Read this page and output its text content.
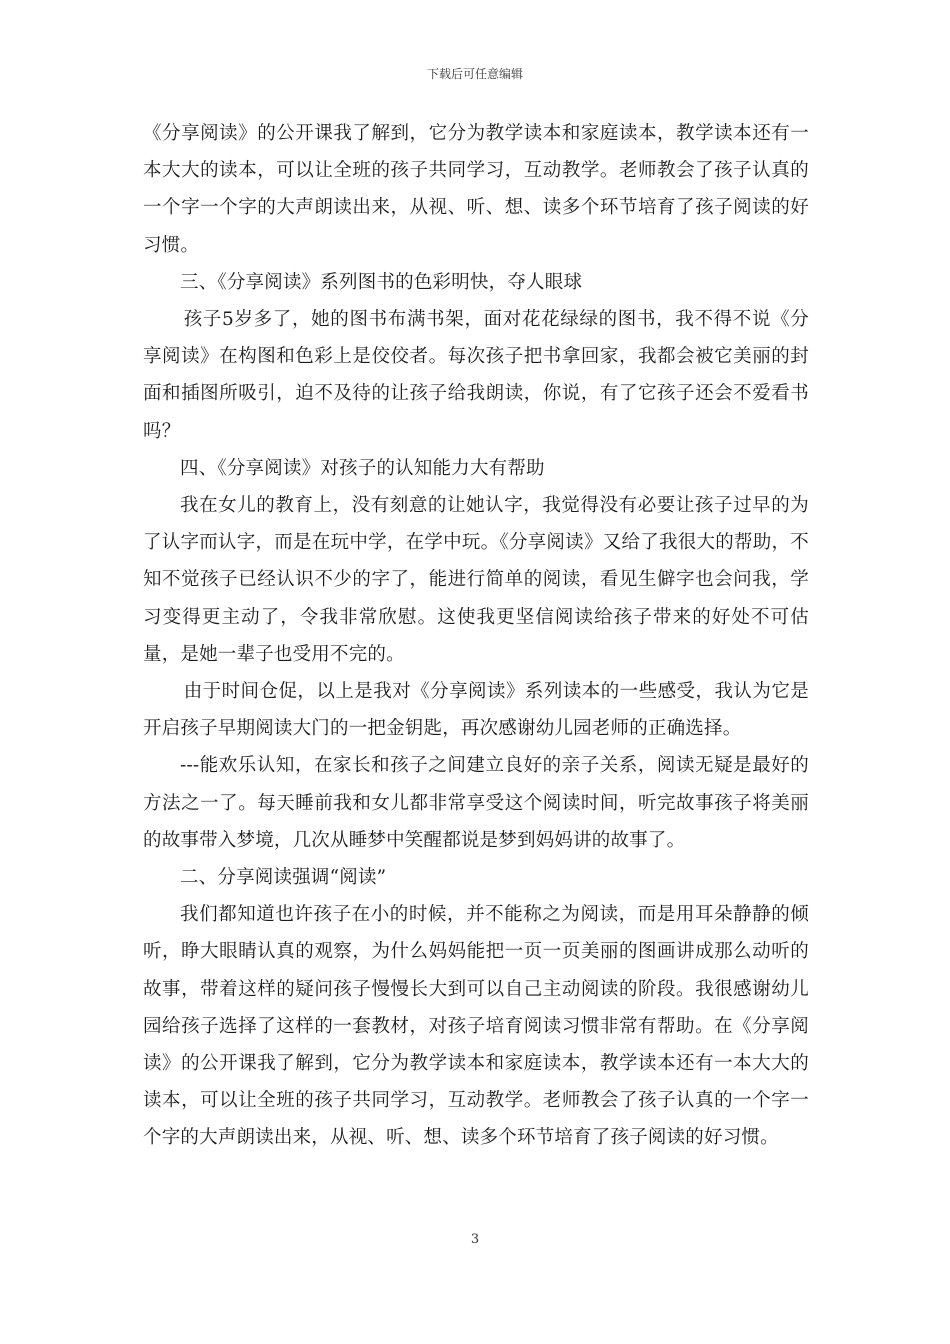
下载后可任意编辑

《分享阅读》的公开课我了解到，它分为教学读本和家庭读本，教学读本还有一本大大的读本，可以让全班的孩子共同学习，互动教学。老师教会了孩子认真的一个字一个字的大声朗读出来，从视、听、想、读多个环节培育了孩子阅读的好习惯。

三、《分享阅读》系列图书的色彩明快，夺人眼球

孩子5岁多了，她的图书布满书架，面对花花绿绿的图书，我不得不说《分享阅读》在构图和色彩上是佼佼者。每次孩子把书拿回家，我都会被它美丽的封面和插图所吸引，迫不及待的让孩子给我朗读，你说，有了它孩子还会不爱看书吗？

四、《分享阅读》对孩子的认知能力大有帮助

我在女儿的教育上，没有刻意的让她认字，我觉得没有必要让孩子过早的为了认字而认字，而是在玩中学，在学中玩。《分享阅读》又给了我很大的帮助，不知不觉孩子已经认识不少的字了，能进行简单的阅读，看见生僻字也会问我，学习变得更主动了，令我非常欣慰。这使我更坚信阅读给孩子带来的好处不可估量，是她一辈子也受用不完的。

由于时间仓促，以上是我对《分享阅读》系列读本的一些感受，我认为它是开启孩子早期阅读大门的一把金钥匙，再次感谢幼儿园老师的正确选择。

---能欢乐认知，在家长和孩子之间建立良好的亲子关系，阅读无疑是最好的方法之一了。每天睡前我和女儿都非常享受这个阅读时间，听完故事孩子将美丽的故事带入梦境，几次从睡梦中笑醒都说是梦到妈妈讲的故事了。

二、分享阅读强调“阅读”

我们都知道也许孩子在小的时候，并不能称之为阅读，而是用耳朵静静的倾听，睁大眼睛认真的观察，为什么妈妈能把一页一页美丽的图画讲成那么动听的故事，带着这样的疑问孩子慢慢长大到可以自己主动阅读的阶段。我很感谢幼儿园给孩子选择了这样的一套教材，对孩子培育阅读习惯非常有帮助。在《分享阅读》的公开课我了解到，它分为教学读本和家庭读本，教学读本还有一本大大的读本，可以让全班的孩子共同学习，互动教学。老师教会了孩子认真的一个字一个字的大声朗读出来，从视、听、想、读多个环节培育了孩子阅读的好习惯。

3
